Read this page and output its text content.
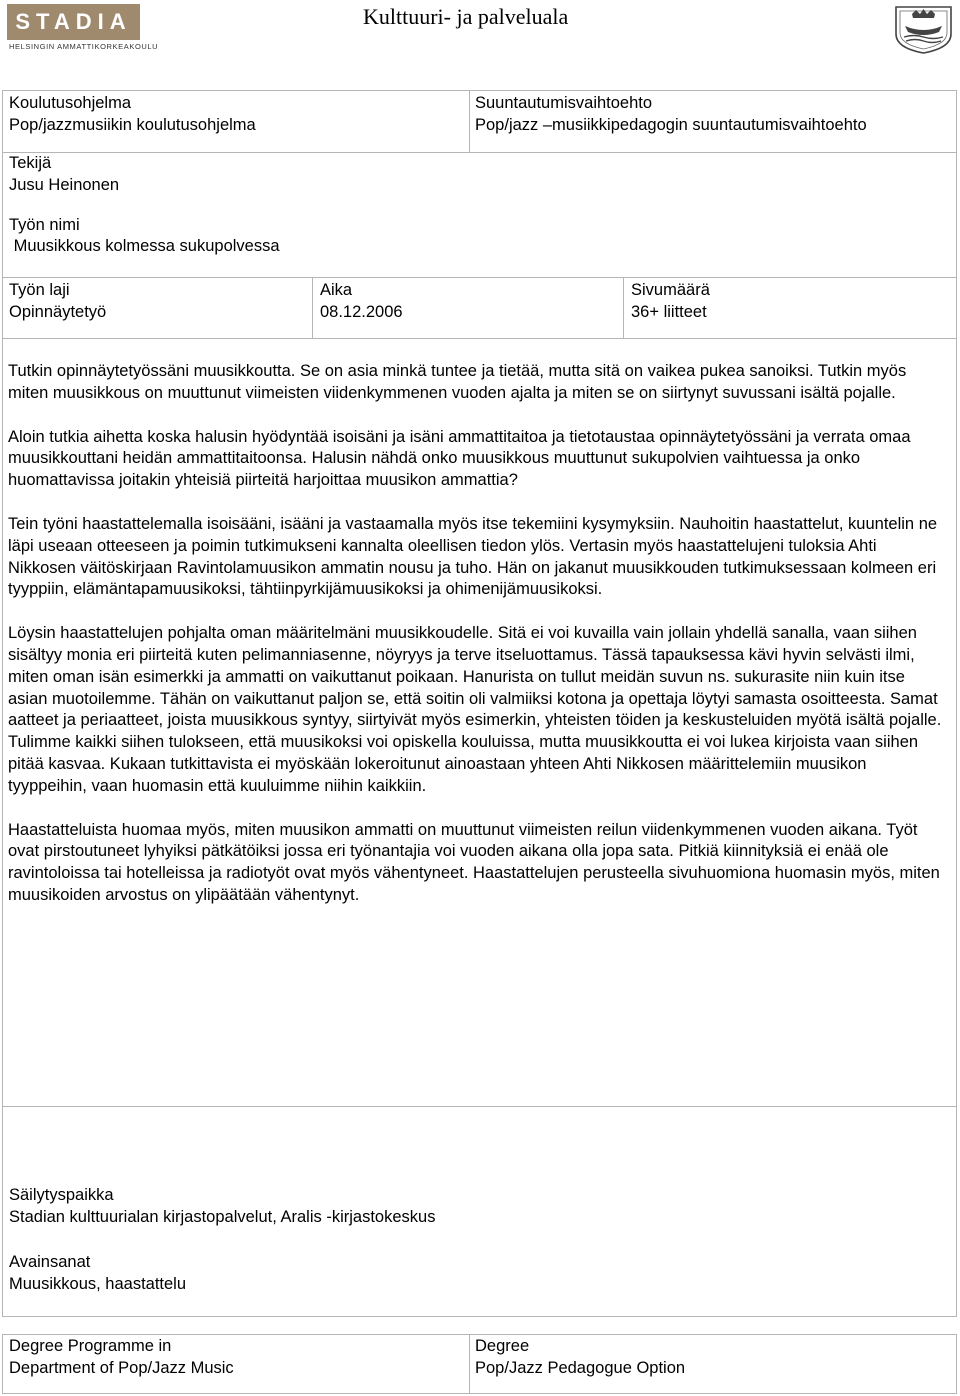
STADIA
HELSINGIN AMMATTIKORKEAKOULU
Kulttuuri- ja palveluala
Koulutusohjelma
Pop/jazzmusiikin koulutusohjelma
Suuntautumisvaihtoehto
Pop/jazz –musiikkipedagogin suuntautumisvaihtoehto
Tekijä
Jusu Heinonen
Työn nimi
Muusikkous kolmessa sukupolvessa
Työn laji
Opinnäytetyö
Aika
08.12.2006
Sivumäärä
36+ liitteet

Tutkin opinnäytetyössäni muusikkoutta. Se on asia minkä tuntee ja tietää, mutta sitä on vaikea pukea sanoiksi. Tutkin myös miten muusikkous on muuttunut viimeisten viidenkymmenen vuoden ajalta ja miten se on siirtynyt suvussani isältä pojalle.

Aloin tutkia aihetta koska halusin hyödyntää isoisäni ja isäni ammattitaitoa ja tietotaustaa opinnäytetyössäni ja verrata omaa muusikkouttani heidän ammattitaitoonsa. Halusin nähdä onko muusikkous muuttunut sukupolvien vaihtuessa ja onko huomattavissa joitakin yhteisiä piirteitä harjoittaa muusikon ammattia?

Tein työni haastattelemalla isoisääni, isääni ja vastaamalla myös itse tekemiini kysymyksiin. Nauhoitin haastattelut, kuuntelin ne läpi useaan otteeseen ja poimin tutkimukseni kannalta oleellisen tiedon ylös. Vertasin myös haastattelujeni tuloksia Ahti Nikkosen väitöskirjaan Ravintolamuusikon ammatin nousu ja tuho. Hän on jakanut muusikkouden tutkimuksessaan kolmeen eri tyyppiin, elämäntapamuusikoksi, tähtiinpyrkijämuusikoksi ja ohimenijämuusikoksi.

Löysin haastattelujen pohjalta oman määritelmäni muusikkoudelle. Sitä ei voi kuvailla vain jollain yhdellä sanalla, vaan siihen sisältyy monia eri piirteitä kuten pelimanniasenne, nöyryys ja terve itseluottamus. Tässä tapauksessa kävi hyvin selvästi ilmi, miten oman isän esimerkki ja ammatti on vaikuttanut poikaan. Hanurista on tullut meidän suvun ns. sukurasite niin kuin itse asian muotoilemme. Tähän on vaikuttanut paljon se, että soitin oli valmiiksi kotona ja opettaja löytyi samasta osoitteesta. Samat aatteet ja periaatteet, joista muusikkous syntyy, siirtyivät myös esimerkin, yhteisten töiden ja keskusteluiden myötä isältä pojalle. Tulimme kaikki siihen tulokseen, että muusikoksi voi opiskella kouluissa, mutta muusikkoutta ei voi lukea kirjoista vaan siihen pitää kasvaa. Kukaan tutkittavista ei myöskään lokeroitunut ainoastaan yhteen Ahti Nikkosen määrittelemiin muusikon tyyppeihin, vaan huomasin että kuuluimme niihin kaikkiin.

Haastatteluista huomaa myös, miten muusikon ammatti on muuttunut viimeisten reilun viidenkymmenen vuoden aikana. Työt ovat pirstoutuneet lyhyiksi pätkätöiksi jossa eri työnantajia voi vuoden aikana olla jopa sata. Pitkiä kiinnityksiä ei enää ole ravintoloissa tai hotelleissa ja radiotyöt ovat myös vähentyneet. Haastattelujen perusteella sivuhuomiona huomasin myös, miten muusikoiden arvostus on ylipäätään vähentynyt.

Säilytyspaikka
Stadian kulttuurialan kirjastopalvelut, Aralis -kirjastokeskus
Avainsanat
Muusikkous, haastattelu
Degree Programme in
Department of Pop/Jazz Music
Degree
Pop/Jazz Pedagogue Option
